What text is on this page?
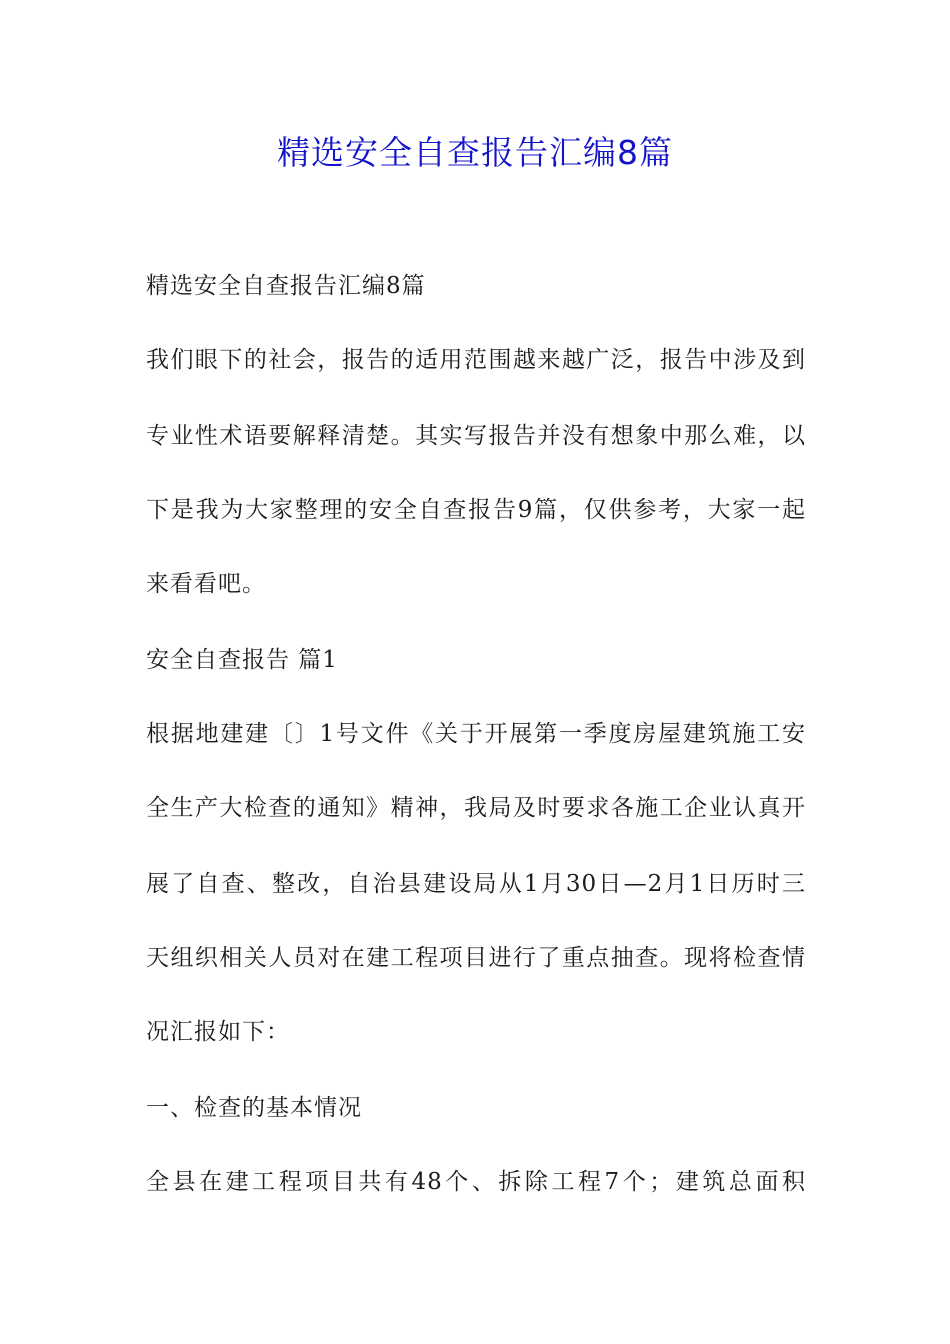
精选安全自查报告汇编8篇

精选安全自查报告汇编8篇

我们眼下的社会，报告的适用范围越来越广泛，报告中涉及到

专业性术语要解释清楚。其实写报告并没有想象中那么难，以

下是我为大家整理的安全自查报告9篇，仅供参考，大家一起

来看看吧。

安全自查报告 篇1

根据地建建〔〕1号文件《关于开展第一季度房屋建筑施工安

全生产大检查的通知》精神，我局及时要求各施工企业认真开

展了自查、整改，自治县建设局从1月30日—2月1日历时三

天组织相关人员对在建工程项目进行了重点抽查。现将检查情

况汇报如下：

一、检查的基本情况

全县在建工程项目共有48个、拆除工程7个；建筑总面积
